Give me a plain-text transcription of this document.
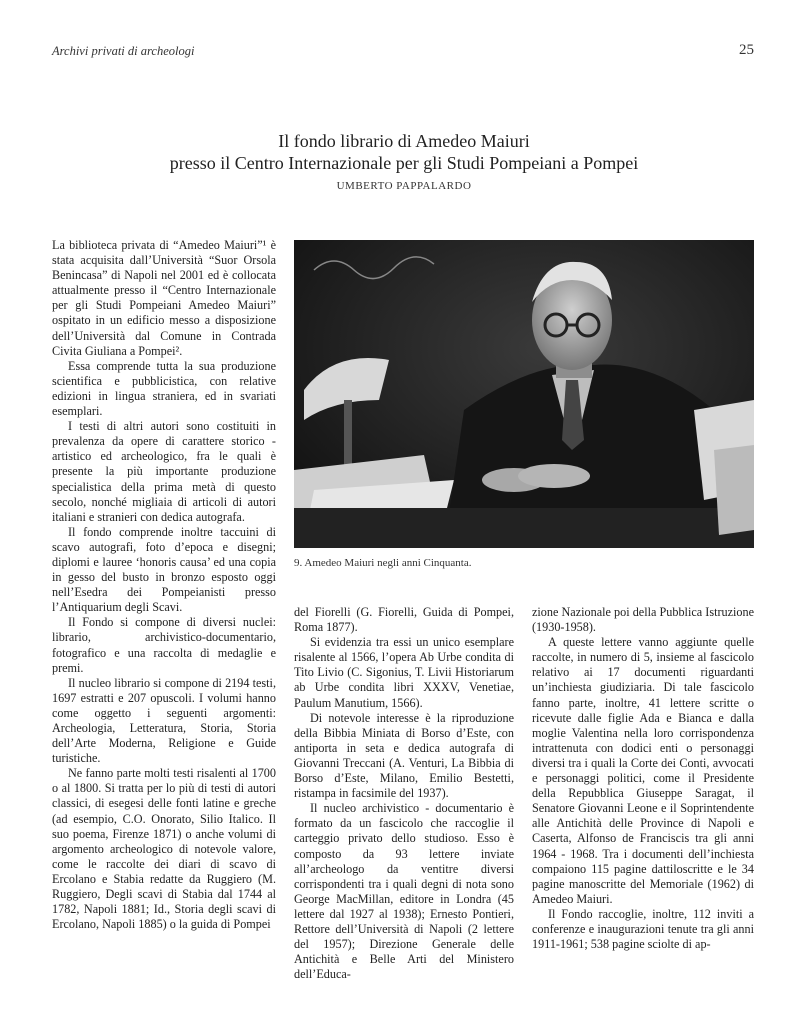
Archivi privati di archeologi	25
Il fondo librario di Amedeo Maiuri
presso il Centro Internazionale per gli Studi Pompeiani a Pompei
UMBERTO PAPPALARDO

La biblioteca privata di “Amedeo Maiuri”¹ è stata acquisita dall’Università “Suor Orsola Benincasa” di Napoli nel 2001 ed è collocata attualmente presso il “Centro Internazionale per gli Studi Pompeiani Amedeo Maiuri” ospitato in un edificio messo a disposizione dell’Università dal Comune in Contrada Civita Giuliana a Pompei².

Essa comprende tutta la sua produzione scientifica e pubblicistica, con relative edizioni in lingua straniera, ed in svariati esemplari.

I testi di altri autori sono costituiti in prevalenza da opere di carattere storico - artistico ed archeologico, fra le quali è presente la più importante produzione specialistica della prima metà di questo secolo, nonché migliaia di articoli di autori italiani e stranieri con dedica autografa.

Il fondo comprende inoltre taccuini di scavo autografi, foto d’epoca e disegni; diplomi e lauree ‘honoris causa’ ed una copia in gesso del busto in bronzo esposto oggi nell’Esedra dei Pompeianisti presso l’Antiquarium degli Scavi.

Il Fondo si compone di diversi nuclei: librario, archivistico-documentario, fotografico e una raccolta di medaglie e premi.

Il nucleo librario si compone di 2194 testi, 1697 estratti e 207 opuscoli. I volumi hanno come oggetto i seguenti argomenti: Archeologia, Letteratura, Storia, Storia dell’Arte Moderna, Religione e Guide turistiche.

Ne fanno parte molti testi risalenti al 1700 o al 1800. Si tratta per lo più di testi di autori classici, di esegesi delle fonti latine e greche (ad esempio, C.O. Onorato, Silio Italico. Il suo poema, Firenze 1871) o anche volumi di argomento archeologico di notevole valore, come le raccolte dei diari di scavo di Ercolano e Stabia redatte da Ruggiero (M. Ruggiero, Degli scavi di Stabia dal 1744 al 1782, Napoli 1881; Id., Storia degli scavi di Ercolano, Napoli 1885) o la guida di Pompei

9. Amedeo Maiuri negli anni Cinquanta.

del Fiorelli (G. Fiorelli, Guida di Pompei, Roma 1877).

Si evidenzia tra essi un unico esemplare risalente al 1566, l’opera Ab Urbe condita di Tito Livio (C. Sigonius, T. Livii Historiarum ab Urbe condita libri XXXV, Venetiae, Paulum Manutium, 1566).

Di notevole interesse è la riproduzione della Bibbia Miniata di Borso d’Este, con antiporta in seta e dedica autografa di Giovanni Treccani (A. Venturi, La Bibbia di Borso d’Este, Milano, Emilio Bestetti, ristampa in facsimile del 1937).

Il nucleo archivistico - documentario è formato da un fascicolo che raccoglie il carteggio privato dello studioso. Esso è composto da 93 lettere inviate all’archeologo da ventitre diversi corrispondenti tra i quali degni di nota sono George MacMillan, editore in Londra (45 lettere dal 1927 al 1938); Ernesto Pontieri, Rettore dell’Università di Napoli (2 lettere del 1957); Direzione Generale delle Antichità e Belle Arti del Ministero dell’Educa-

zione Nazionale poi della Pubblica Istruzione (1930-1958).

A queste lettere vanno aggiunte quelle raccolte, in numero di 5, insieme al fascicolo relativo ai 17 documenti riguardanti un’inchiesta giudiziaria. Di tale fascicolo fanno parte, inoltre, 41 lettere scritte o ricevute dalle figlie Ada e Bianca e dalla moglie Valentina nella loro corrispondenza intrattenuta con dodici enti o personaggi diversi tra i quali la Corte dei Conti, avvocati e personaggi politici, come il Presidente della Repubblica Giuseppe Saragat, il Senatore Giovanni Leone e il Soprintendente alle Antichità delle Province di Napoli e Caserta, Alfonso de Franciscis tra gli anni 1964 - 1968. Tra i documenti dell’inchiesta compaiono 115 pagine dattiloscritte e le 34 pagine manoscritte del Memoriale (1962) di Amedeo Maiuri.

Il Fondo raccoglie, inoltre, 112 inviti a conferenze e inaugurazioni tenute tra gli anni 1911-1961; 538 pagine sciolte di ap-
